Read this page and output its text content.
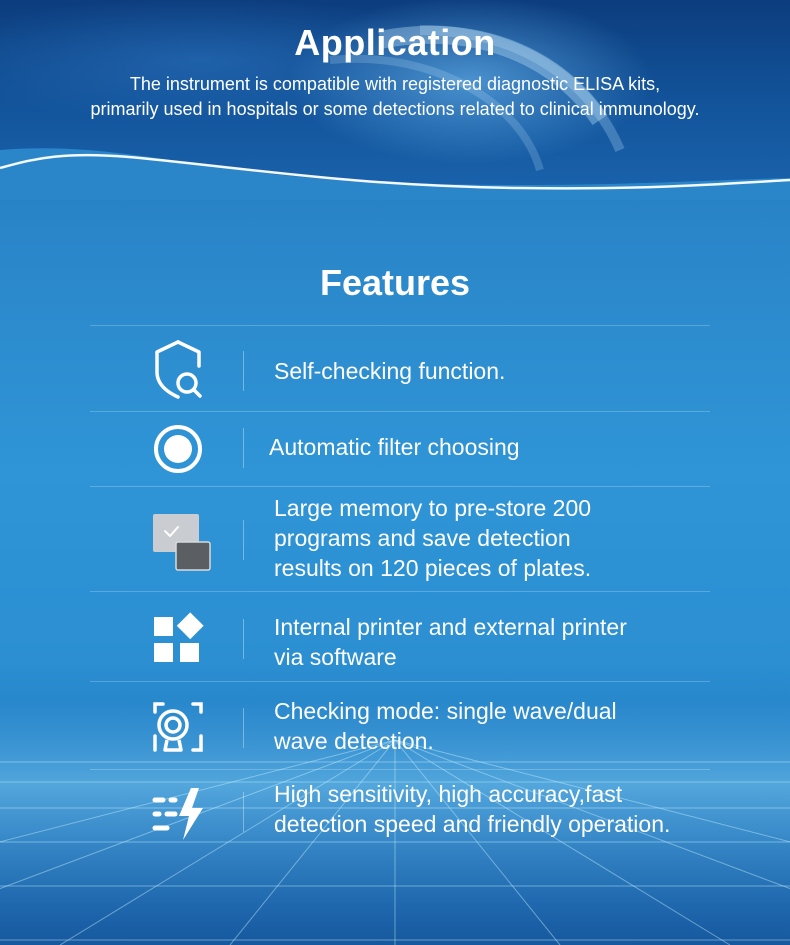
Application
The instrument is compatible with registered diagnostic ELISA kits,
primarily used in hospitals or some detections related to clinical immunology.
Features
Self-checking function.
Automatic filter choosing
Large memory to pre-store 200
programs and save detection
results on 120 pieces of plates.
Internal printer and external printer
via software
Checking mode: single wave/dual
wave detection.
High sensitivity, high accuracy,fast
detection speed and friendly operation.
